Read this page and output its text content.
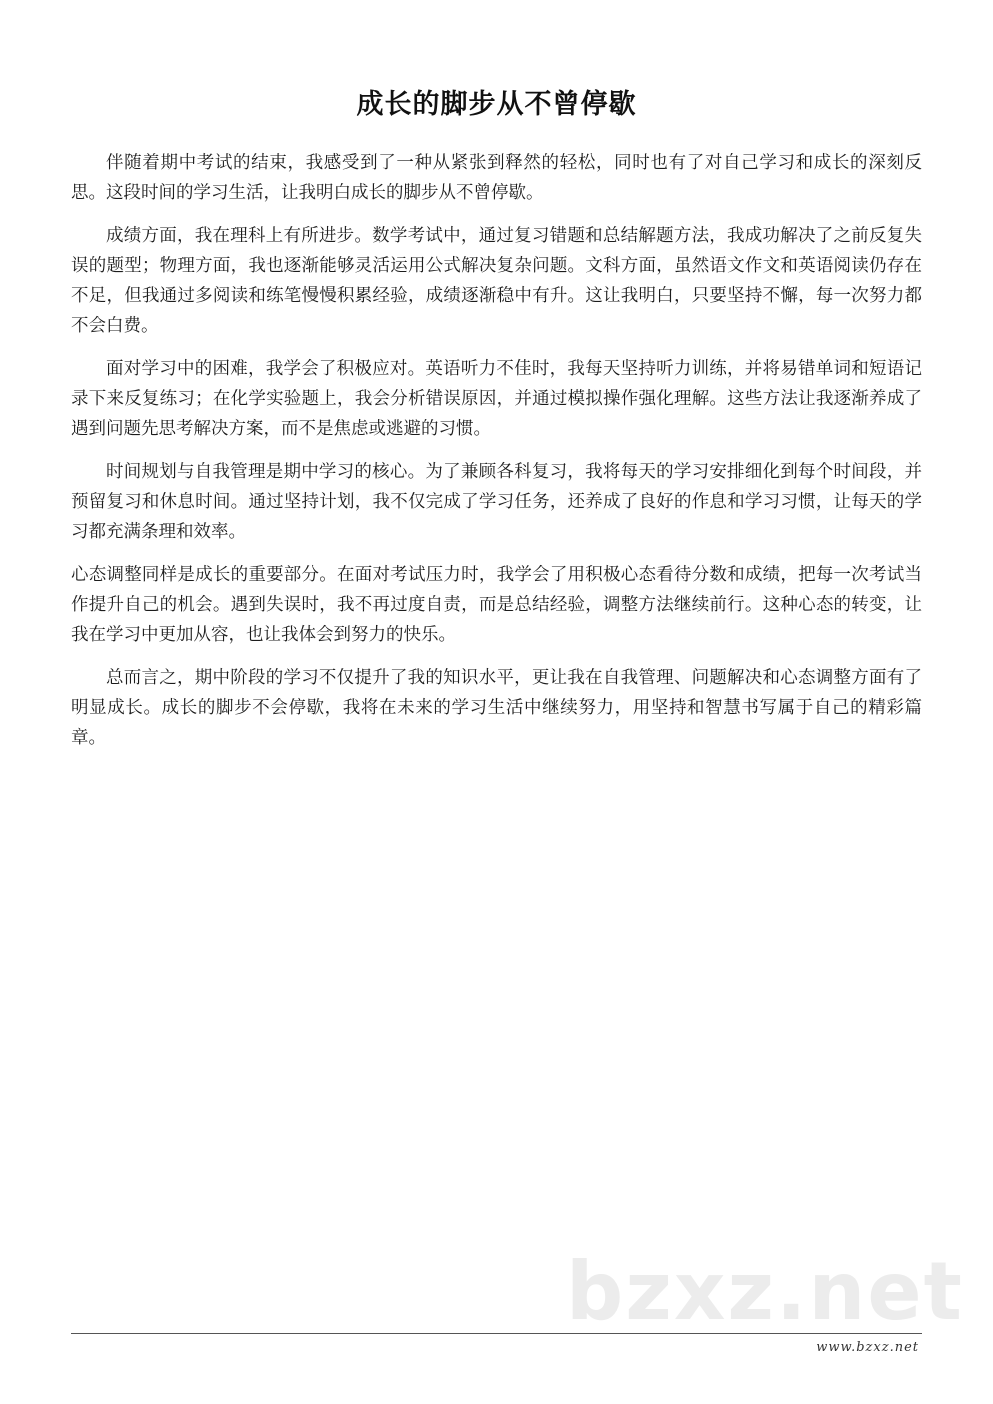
成长的脚步从不曾停歇

伴随着期中考试的结束，我感受到了一种从紧张到释然的轻松，同时也有了对自己学习和成长的深刻反思。这段时间的学习生活，让我明白成长的脚步从不曾停歇。

成绩方面，我在理科上有所进步。数学考试中，通过复习错题和总结解题方法，我成功解决了之前反复失误的题型；物理方面，我也逐渐能够灵活运用公式解决复杂问题。文科方面，虽然语文作文和英语阅读仍存在不足，但我通过多阅读和练笔慢慢积累经验，成绩逐渐稳中有升。这让我明白，只要坚持不懈，每一次努力都不会白费。

面对学习中的困难，我学会了积极应对。英语听力不佳时，我每天坚持听力训练，并将易错单词和短语记录下来反复练习；在化学实验题上，我会分析错误原因，并通过模拟操作强化理解。这些方法让我逐渐养成了遇到问题先思考解决方案，而不是焦虑或逃避的习惯。

时间规划与自我管理是期中学习的核心。为了兼顾各科复习，我将每天的学习安排细化到每个时间段，并预留复习和休息时间。通过坚持计划，我不仅完成了学习任务，还养成了良好的作息和学习习惯，让每天的学习都充满条理和效率。

心态调整同样是成长的重要部分。在面对考试压力时，我学会了用积极心态看待分数和成绩，把每一次考试当作提升自己的机会。遇到失误时，我不再过度自责，而是总结经验，调整方法继续前行。这种心态的转变，让我在学习中更加从容，也让我体会到努力的快乐。

总而言之，期中阶段的学习不仅提升了我的知识水平，更让我在自我管理、问题解决和心态调整方面有了明显成长。成长的脚步不会停歇，我将在未来的学习生活中继续努力，用坚持和智慧书写属于自己的精彩篇章。

bzxz.net
www.bzxz.net
